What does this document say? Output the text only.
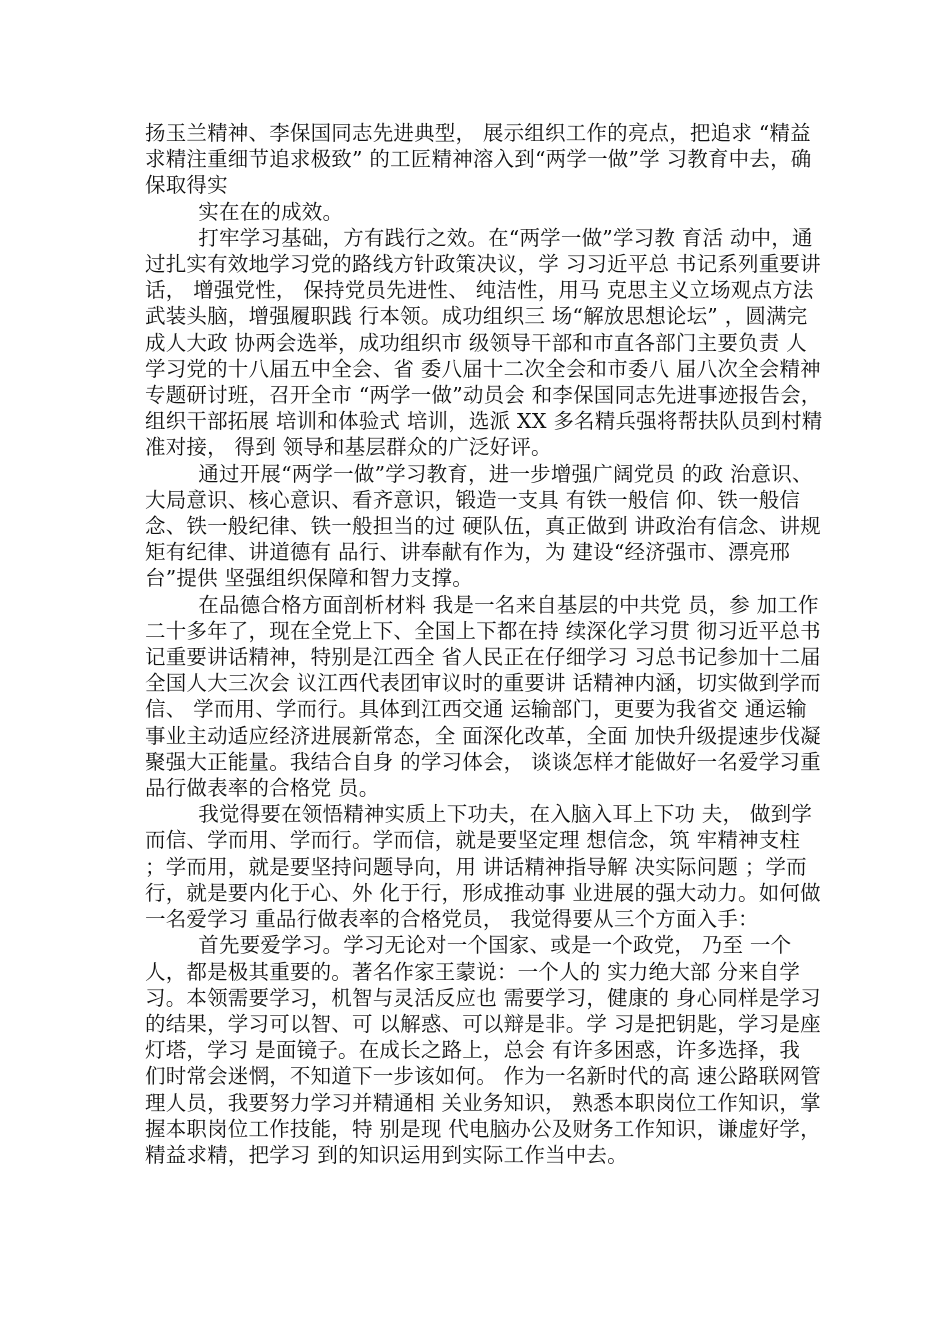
扬玉兰精神、李保国同志先进典型， 展示组织工作的亮点，把追求 “精益求精注重细节追求极致” 的工匠精神溶入到“两学一做”学 习教育中去，确保取得实

实在在的成效。

打牢学习基础，方有践行之效。在“两学一做”学习教 育活 动中，通过扎实有效地学习党的路线方针政策决议，学 习习近平总 书记系列重要讲话， 增强党性， 保持党员先进性、 纯洁性，用马 克思主义立场观点方法武装头脑，增强履职践 行本领。成功组织三 场“解放思想论坛” ，圆满完成人大政 协两会选举，成功组织市 级领导干部和市直各部门主要负责 人学习党的十八届五中全会、省 委八届十二次全会和市委八 届八次全会精神专题研讨班，召开全市 “两学一做”动员会 和李保国同志先进事迹报告会，组织干部拓展 培训和体验式 培训，选派 XX 多名精兵强将帮扶队员到村精准对接， 得到 领导和基层群众的广泛好评。

通过开展“两学一做”学习教育，进一步增强广阔党员 的政 治意识、大局意识、核心意识、看齐意识，锻造一支具 有铁一般信 仰、铁一般信念、铁一般纪律、铁一般担当的过 硬队伍，真正做到 讲政治有信念、讲规矩有纪律、讲道德有 品行、讲奉献有作为，为 建设“经济强市、漂亮邢台”提供 坚强组织保障和智力支撑。

在品德合格方面剖析材料 我是一名来自基层的中共党 员，参 加工作二十多年了，现在全党上下、全国上下都在持 续深化学习贯 彻习近平总书记重要讲话精神，特别是江西全 省人民正在仔细学习 习总书记参加十二届全国人大三次会 议江西代表团审议时的重要讲 话精神内涵，切实做到学而信、 学而用、学而行。具体到江西交通 运输部门，更要为我省交 通运输事业主动适应经济进展新常态，全 面深化改革，全面 加快升级提速步伐凝聚强大正能量。我结合自身 的学习体会， 谈谈怎样才能做好一名爱学习重品行做表率的合格党 员。

我觉得要在领悟精神实质上下功夫，在入脑入耳上下功 夫， 做到学而信、学而用、学而行。学而信，就是要坚定理 想信念，筑 牢精神支柱 ；学而用，就是要坚持问题导向，用 讲话精神指导解 决实际问题 ；学而行，就是要内化于心、外 化于行，形成推动事 业进展的强大动力。如何做一名爱学习 重品行做表率的合格党员， 我觉得要从三个方面入手：

首先要爱学习。学习无论对一个国家、或是一个政党， 乃至 一个人，都是极其重要的。著名作家王蒙说：一个人的 实力绝大部 分来自学习。本领需要学习，机智与灵活反应也 需要学习，健康的 身心同样是学习的结果，学习可以智、可 以解惑、可以辩是非。学 习是把钥匙，学习是座灯塔，学习 是面镜子。在成长之路上，总会 有许多困惑，许多选择，我 们时常会迷惘，不知道下一步该如何。 作为一名新时代的高 速公路联网管理人员，我要努力学习并精通相 关业务知识， 熟悉本职岗位工作知识，掌握本职岗位工作技能，特 别是现 代电脑办公及财务工作知识，谦虚好学，精益求精，把学习 到的知识运用到实际工作当中去。
